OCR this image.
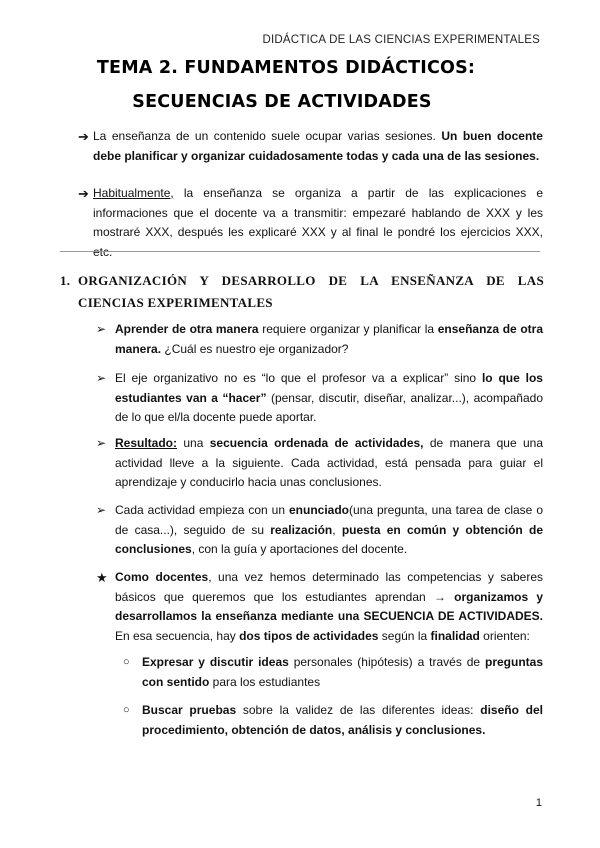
DIDÁCTICA DE LAS CIENCIAS EXPERIMENTALES
TEMA 2. FUNDAMENTOS DIDÁCTICOS:
SECUENCIAS DE ACTIVIDADES
➔ La enseñanza de un contenido suele ocupar varias sesiones. Un buen docente debe planificar y organizar cuidadosamente todas y cada una de las sesiones.
➔ Habitualmente, la enseñanza se organiza a partir de las explicaciones e informaciones que el docente va a transmitir: empezaré hablando de XXX y les mostraré XXX, después les explicaré XXX y al final le pondré los ejercicios XXX, etc.
1. ORGANIZACIÓN Y DESARROLLO DE LA ENSEÑANZA DE LAS CIENCIAS EXPERIMENTALES
➢ Aprender de otra manera requiere organizar y planificar la enseñanza de otra manera. ¿Cuál es nuestro eje organizador?
➢ El eje organizativo no es “lo que el profesor va a explicar” sino lo que los estudiantes van a “hacer” (pensar, discutir, diseñar, analizar...), acompañado de lo que el/la docente puede aportar.
➢ Resultado: una secuencia ordenada de actividades, de manera que una actividad lleve a la siguiente. Cada actividad, está pensada para guiar el aprendizaje y conducirlo hacia unas conclusiones.
➢ Cada actividad empieza con un enunciado(una pregunta, una tarea de clase o de casa...), seguido de su realización, puesta en común y obtención de conclusiones, con la guía y aportaciones del docente.
★ Como docentes, una vez hemos determinado las competencias y saberes básicos que queremos que los estudiantes aprendan → organizamos y desarrollamos la enseñanza mediante una SECUENCIA DE ACTIVIDADES. En esa secuencia, hay dos tipos de actividades según la finalidad orienten:
○ Expresar y discutir ideas personales (hipótesis) a través de preguntas con sentido para los estudiantes
○ Buscar pruebas sobre la validez de las diferentes ideas: diseño del procedimiento, obtención de datos, análisis y conclusiones.
1
